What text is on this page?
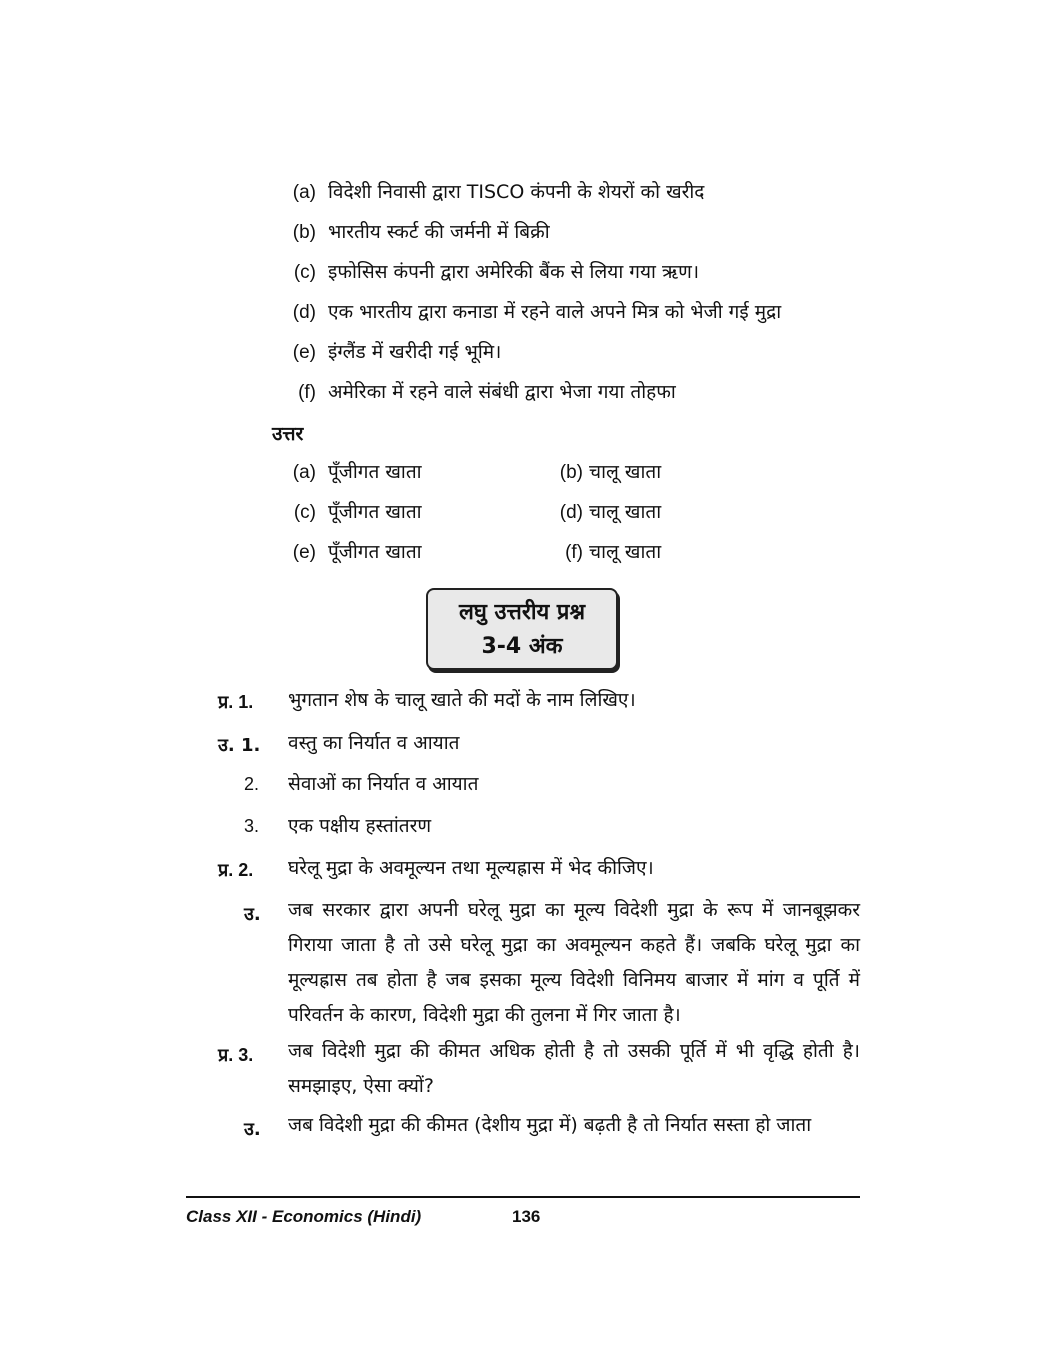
(a) विदेशी निवासी द्वारा TISCO कंपनी के शेयरों को खरीद
(b) भारतीय स्कर्ट की जर्मनी में बिक्री
(c) इफोसिस कंपनी द्वारा अमेरिकी बैंक से लिया गया ऋण।
(d) एक भारतीय द्वारा कनाडा में रहने वाले अपने मित्र को भेजी गई मुद्रा
(e) इंग्लैंड में खरीदी गई भूमि।
(f) अमेरिका में रहने वाले संबंधी द्वारा भेजा गया तोहफा
उत्तर
(a) पूँजीगत खाता	(b) चालू खाता
(c) पूँजीगत खाता	(d) चालू खाता
(e) पूँजीगत खाता	(f) चालू खाता
लघु उत्तरीय प्रश्न
3-4 अंक
प्र. 1.	भुगतान शेष के चालू खाते की मदों के नाम लिखिए।
उ. 1. वस्तु का निर्यात व आयात
2. सेवाओं का निर्यात व आयात
3. एक पक्षीय हस्तांतरण
प्र. 2.	घरेलू मुद्रा के अवमूल्यन तथा मूल्यह्रास में भेद कीजिए।
उ. जब सरकार द्वारा अपनी घरेलू मुद्रा का मूल्य विदेशी मुद्रा के रूप में जानबूझकर गिराया जाता है तो उसे घरेलू मुद्रा का अवमूल्यन कहते हैं। जबकि घरेलू मुद्रा का मूल्यह्रास तब होता है जब इसका मूल्य विदेशी विनिमय बाजार में मांग व पूर्ति में परिवर्तन के कारण, विदेशी मुद्रा की तुलना में गिर जाता है।
प्र. 3.	जब विदेशी मुद्रा की कीमत अधिक होती है तो उसकी पूर्ति में भी वृद्धि होती है। समझाइए, ऐसा क्यों?
उ. जब विदेशी मुद्रा की कीमत (देशीय मुद्रा में) बढ़ती है तो निर्यात सस्ता हो जाता
Class XII - Economics (Hindi)	136
